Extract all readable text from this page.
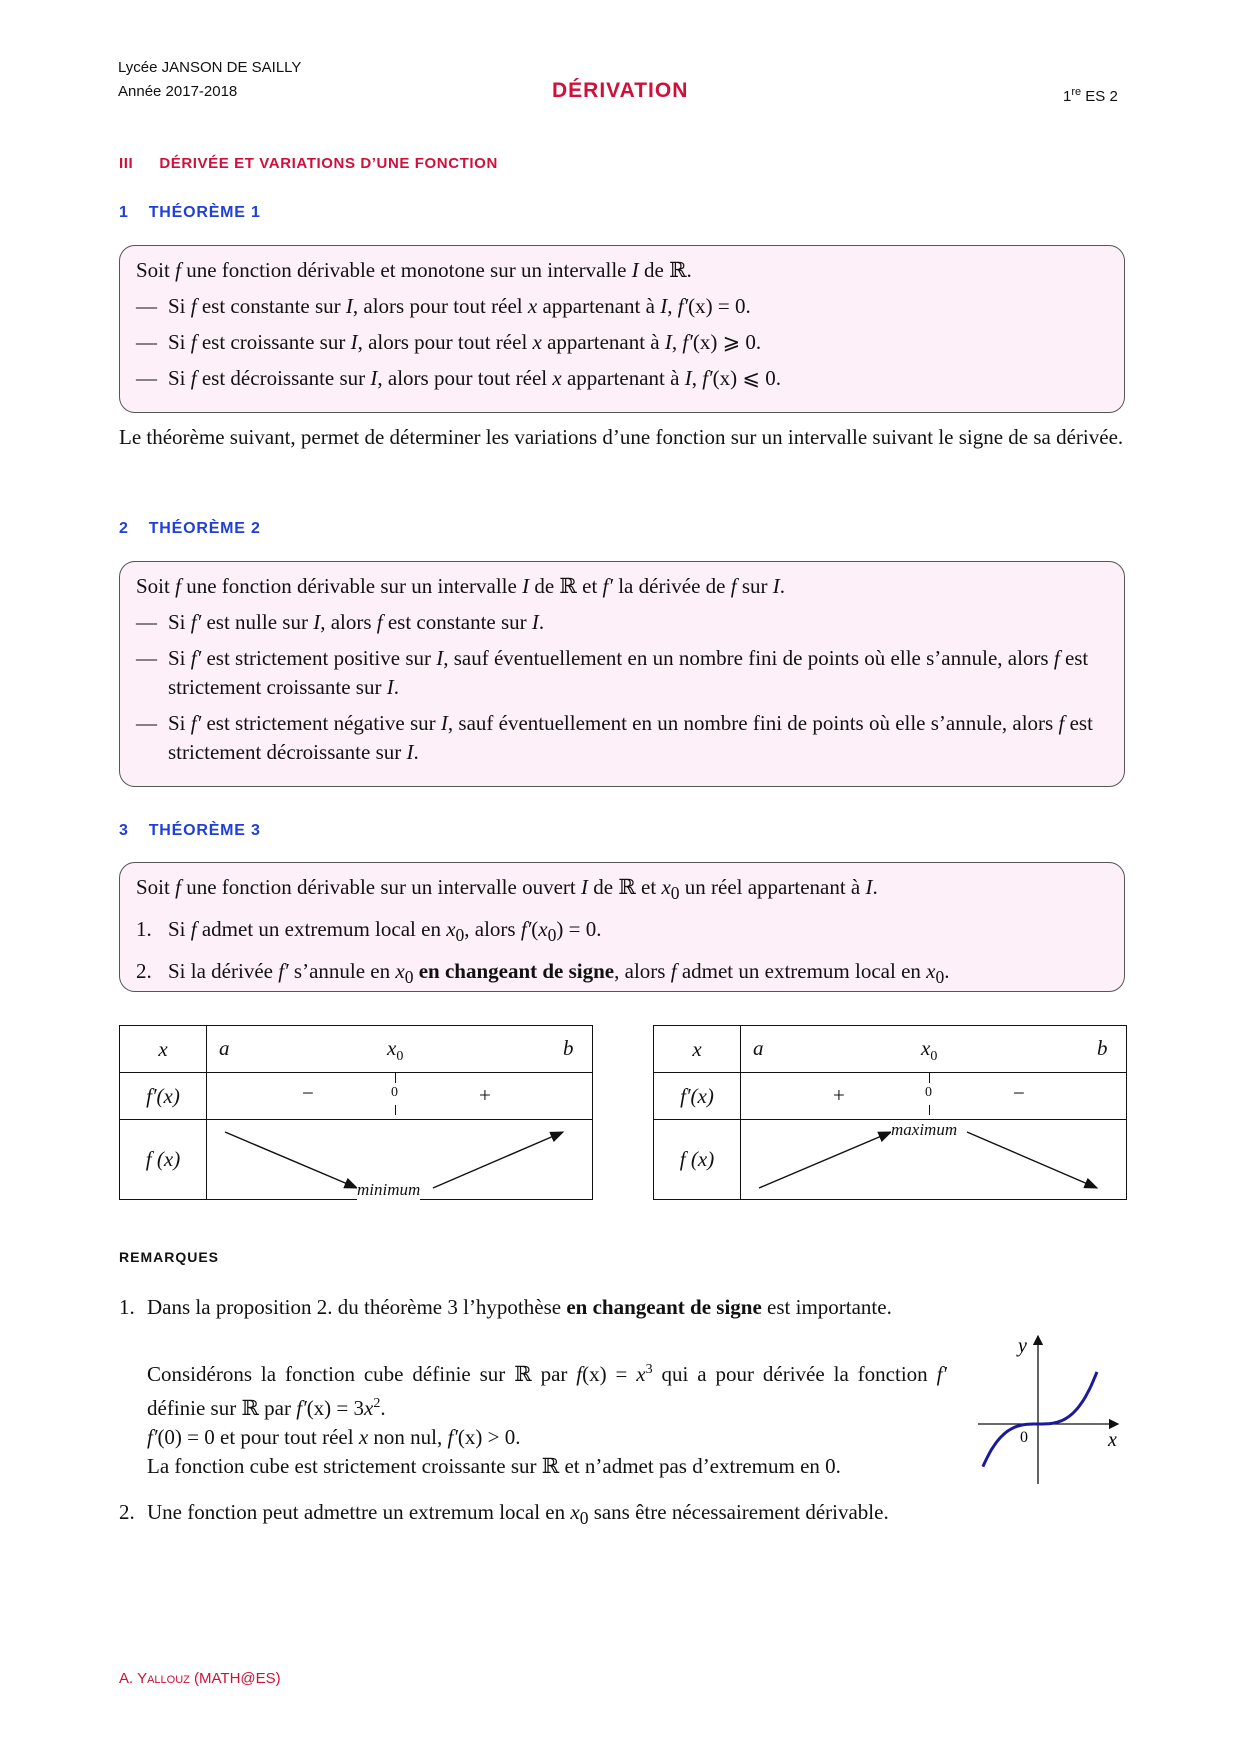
Lycée JANSON DE SAILLY
Année 2017-2018	DÉRIVATION	1re ES 2
III DÉRIVÉE ET VARIATIONS D’UNE FONCTION
1 THÉORÈME 1

Soit f une fonction dérivable et monotone sur un intervalle I de ℝ.

— Si f est constante sur I, alors pour tout réel x appartenant à I, f′(x) = 0.
— Si f est croissante sur I, alors pour tout réel x appartenant à I, f′(x) ⩾ 0.
— Si f est décroissante sur I, alors pour tout réel x appartenant à I, f′(x) ⩽ 0.
Le théorème suivant, permet de déterminer les variations d’une fonction sur un intervalle suivant le signe de sa dérivée.
2 THÉORÈME 2

Soit f une fonction dérivable sur un intervalle I de ℝ et f′ la dérivée de f sur I.

— Si f′ est nulle sur I, alors f est constante sur I.
— Si f′ est strictement positive sur I, sauf éventuellement en un nombre fini de points où elle s’annule, alors f est strictement croissante sur I.
— Si f′ est strictement négative sur I, sauf éventuellement en un nombre fini de points où elle s’annule, alors f est strictement décroissante sur I.
3 THÉORÈME 3

Soit f une fonction dérivable sur un intervalle ouvert I de ℝ et $x_0$ un réel appartenant à I.

1. Si f admet un extremum local en $x_0$, alors $f'(x_0) = 0$.
2. Si la dérivée f′ s’annule en $x_0$ en changeant de signe, alors f admet un extremum local en $x_0$.
x	a $x_0$ b

f′(x)	− 0 +

f (x)	minimum
x	a $x_0$ b

f′(x)	+ 0 −

f (x)	maximum
REMARQUES
1. Dans la proposition 2. du théorème 3 l’hypothèse en changeant de signe est importante.
Considérons la fonction cube définie sur ℝ par $f(x) = x^3$ qui a pour dérivée la fonction f′ définie sur ℝ par $f'(x) = 3x^2$.
f′(0) = 0 et pour tout réel x non nul, f′(x) > 0.
La fonction cube est strictement croissante sur ℝ et n’admet pas d’extremum en 0.
y
x
0
2. Une fonction peut admettre un extremum local en $x_0$ sans être nécessairement dérivable.
A. Yallouz (MATH@ES)
